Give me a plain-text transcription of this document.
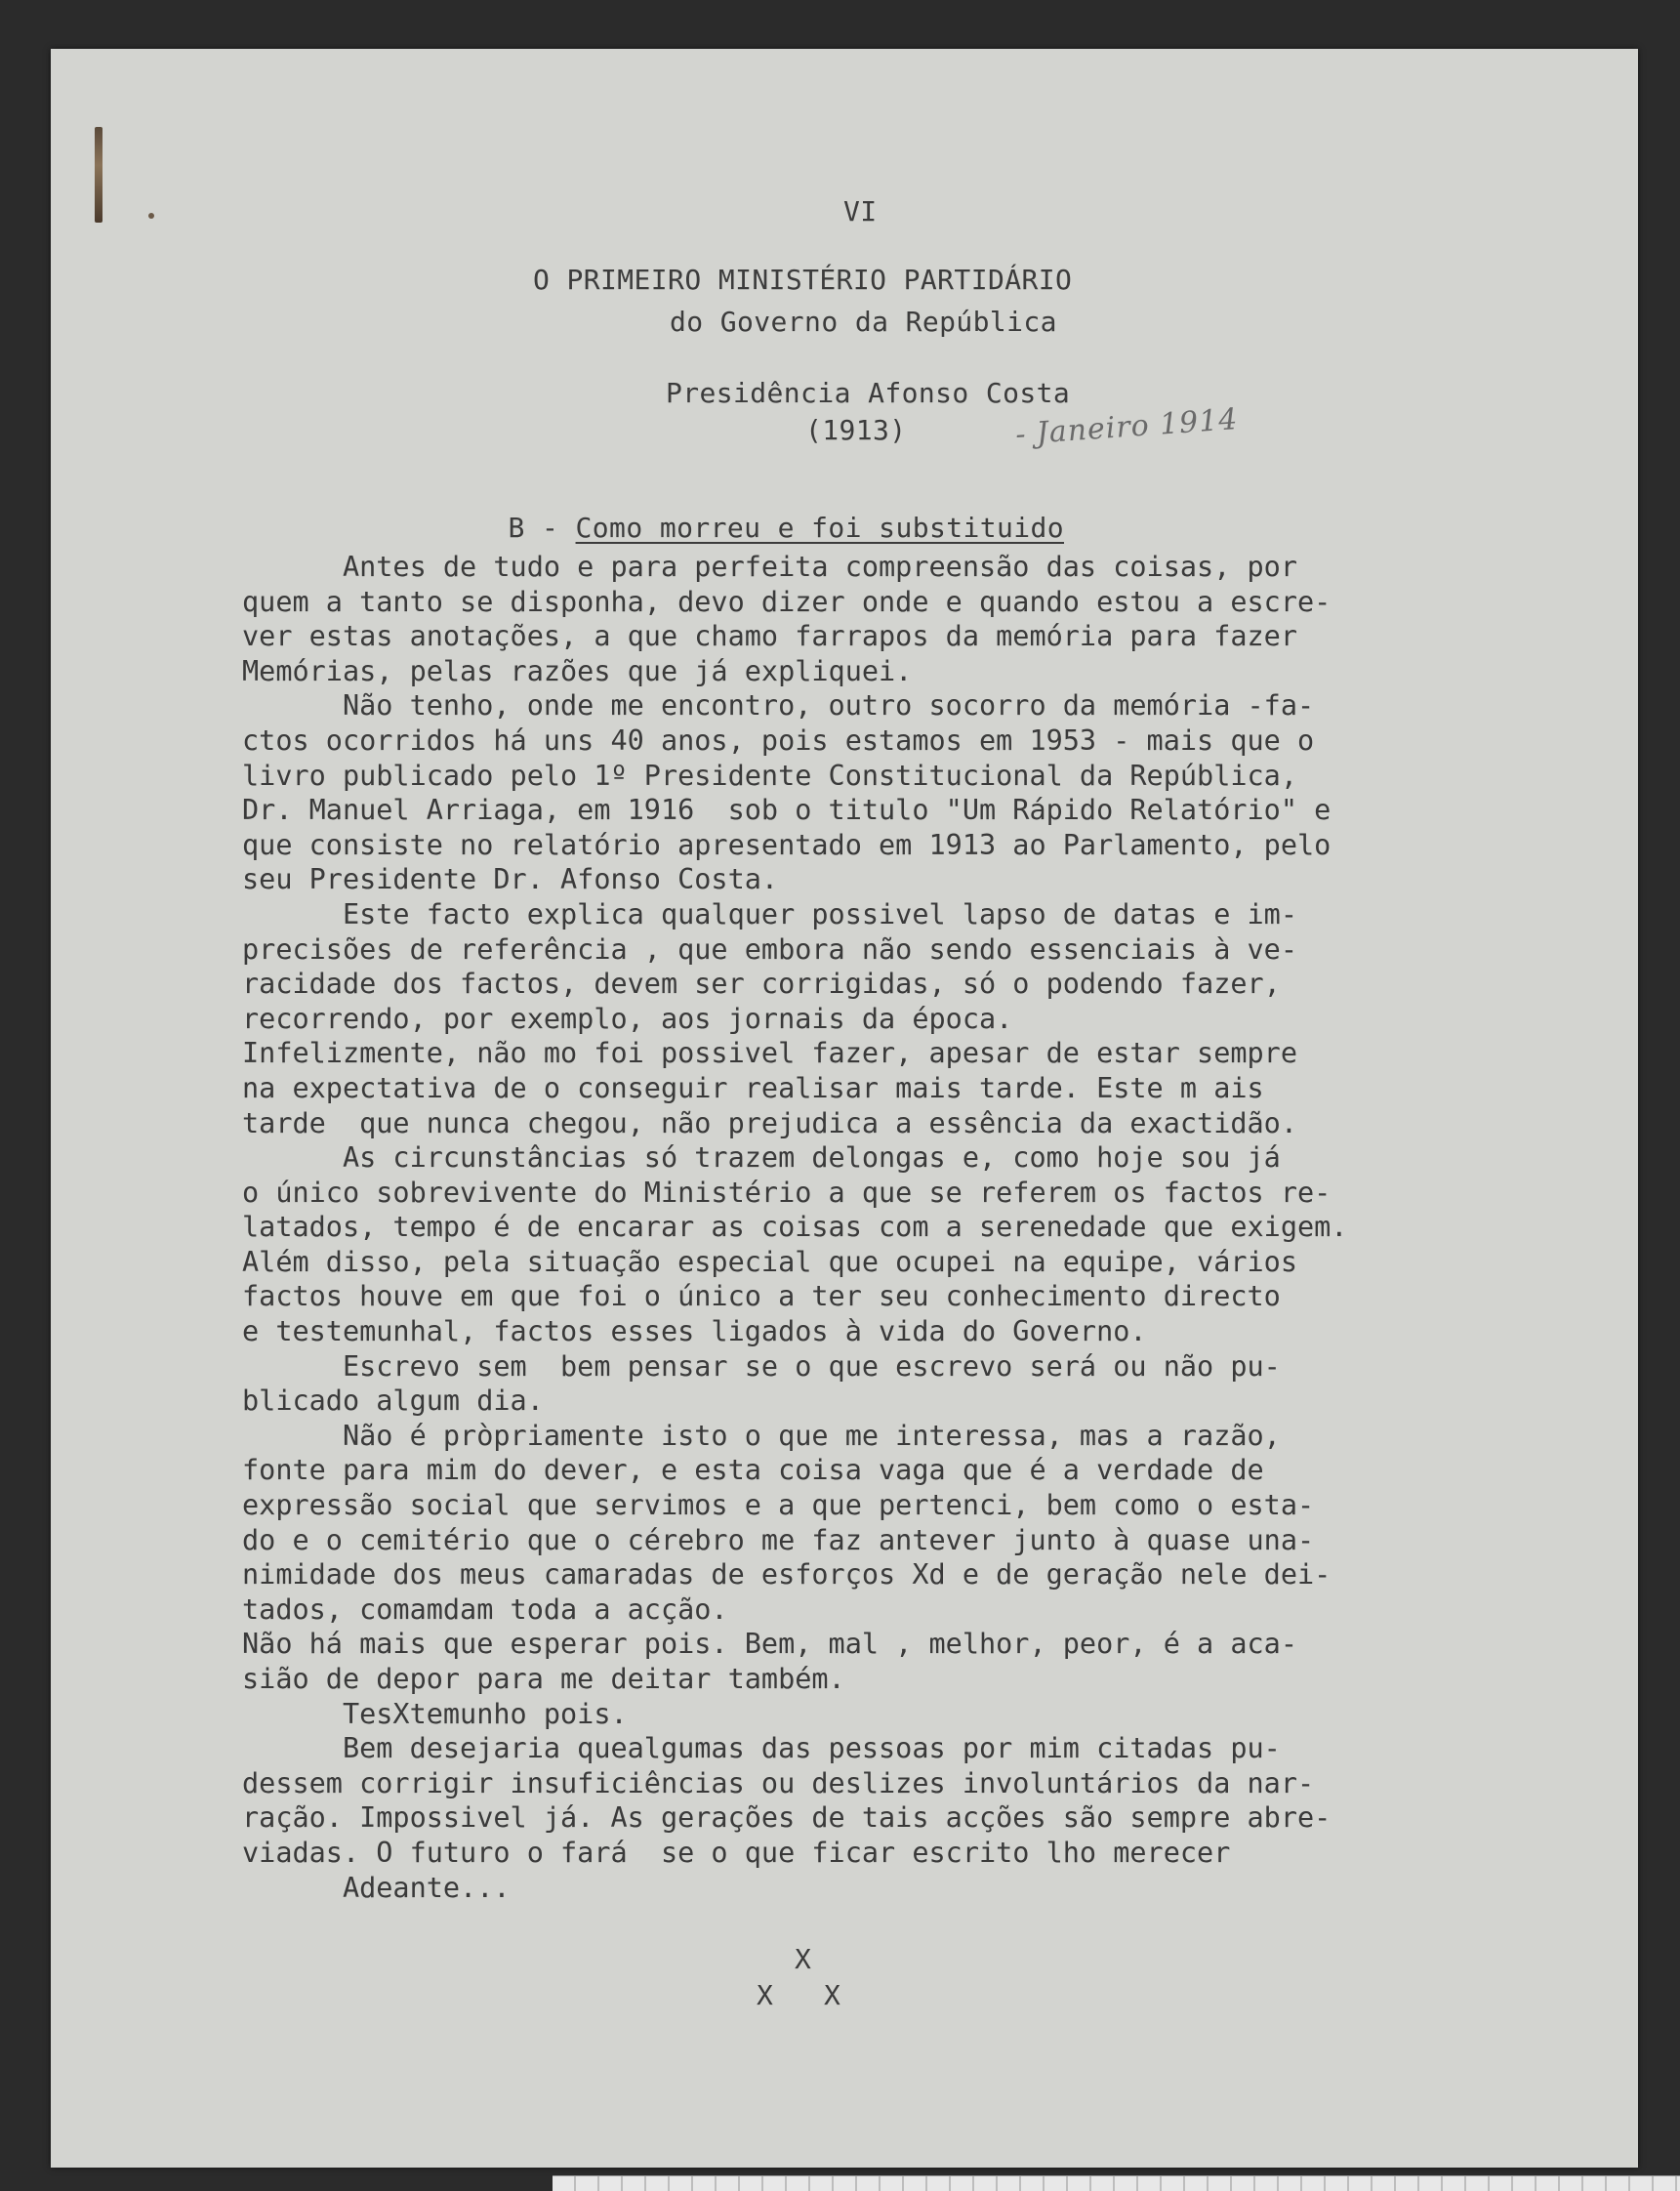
VI
O PRIMEIRO MINISTÉRIO PARTIDÁRIO
do Governo da República
Presidência Afonso Costa
(1913)	- Janeiro 1914

B - Como morreu e foi substituido

Antes de tudo e para perfeita compreensão das coisas, por
quem a tanto se disponha, devo dizer onde e quando estou a escre-
ver estas anotações, a que chamo farrapos da memória para fazer
Memórias, pelas razões que já expliquei.
Não tenho, onde me encontro, outro socorro da memória -fa-
ctos ocorridos há uns 40 anos, pois estamos em 1953 - mais que o
livro publicado pelo 1º Presidente Constitucional da República,
Dr. Manuel Arriaga, em 1916  sob o titulo "Um Rápido Relatório" e
que consiste no relatório apresentado em 1913 ao Parlamento, pelo
seu Presidente Dr. Afonso Costa.
Este facto explica qualquer possivel lapso de datas e im-
precisões de referência , que embora não sendo essenciais à ve-
racidade dos factos, devem ser corrigidas, só o podendo fazer,
recorrendo, por exemplo, aos jornais da época.
Infelizmente, não mo foi possivel fazer, apesar de estar sempre
na expectativa de o conseguir realisar mais tarde. Este m ais
tarde  que nunca chegou, não prejudica a essência da exactidão.
As circunstâncias só trazem delongas e, como hoje sou já
o único sobrevivente do Ministério a que se referem os factos re-
latados, tempo é de encarar as coisas com a serenedade que exigem.
Além disso, pela situação especial que ocupei na equipe, vários
factos houve em que foi o único a ter seu conhecimento directo
e testemunhal, factos esses ligados à vida do Governo.
Escrevo sem  bem pensar se o que escrevo será ou não pu-
blicado algum dia.
Não é pròpriamente isto o que me interessa, mas a razão,
fonte para mim do dever, e esta coisa vaga que é a verdade de
expressão social que servimos e a que pertenci, bem como o esta-
do e o cemitério que o cérebro me faz antever junto à quase una-
nimidade dos meus camaradas de esforços Xd e de geração nele dei-
tados, comamdam toda a acção.
Não há mais que esperar pois. Bem, mal , melhor, peor, é a aca-
sião de depor para me deitar também.
TesXtemunho pois.
Bem desejaria quealgumas das pessoas por mim citadas pu-
dessem corrigir insuficiências ou deslizes involuntários da nar-
ração. Impossivel já. As gerações de tais acções são sempre abre-
viadas. O futuro o fará  se o que ficar escrito lho merecer
Adeante...
X
X   X
